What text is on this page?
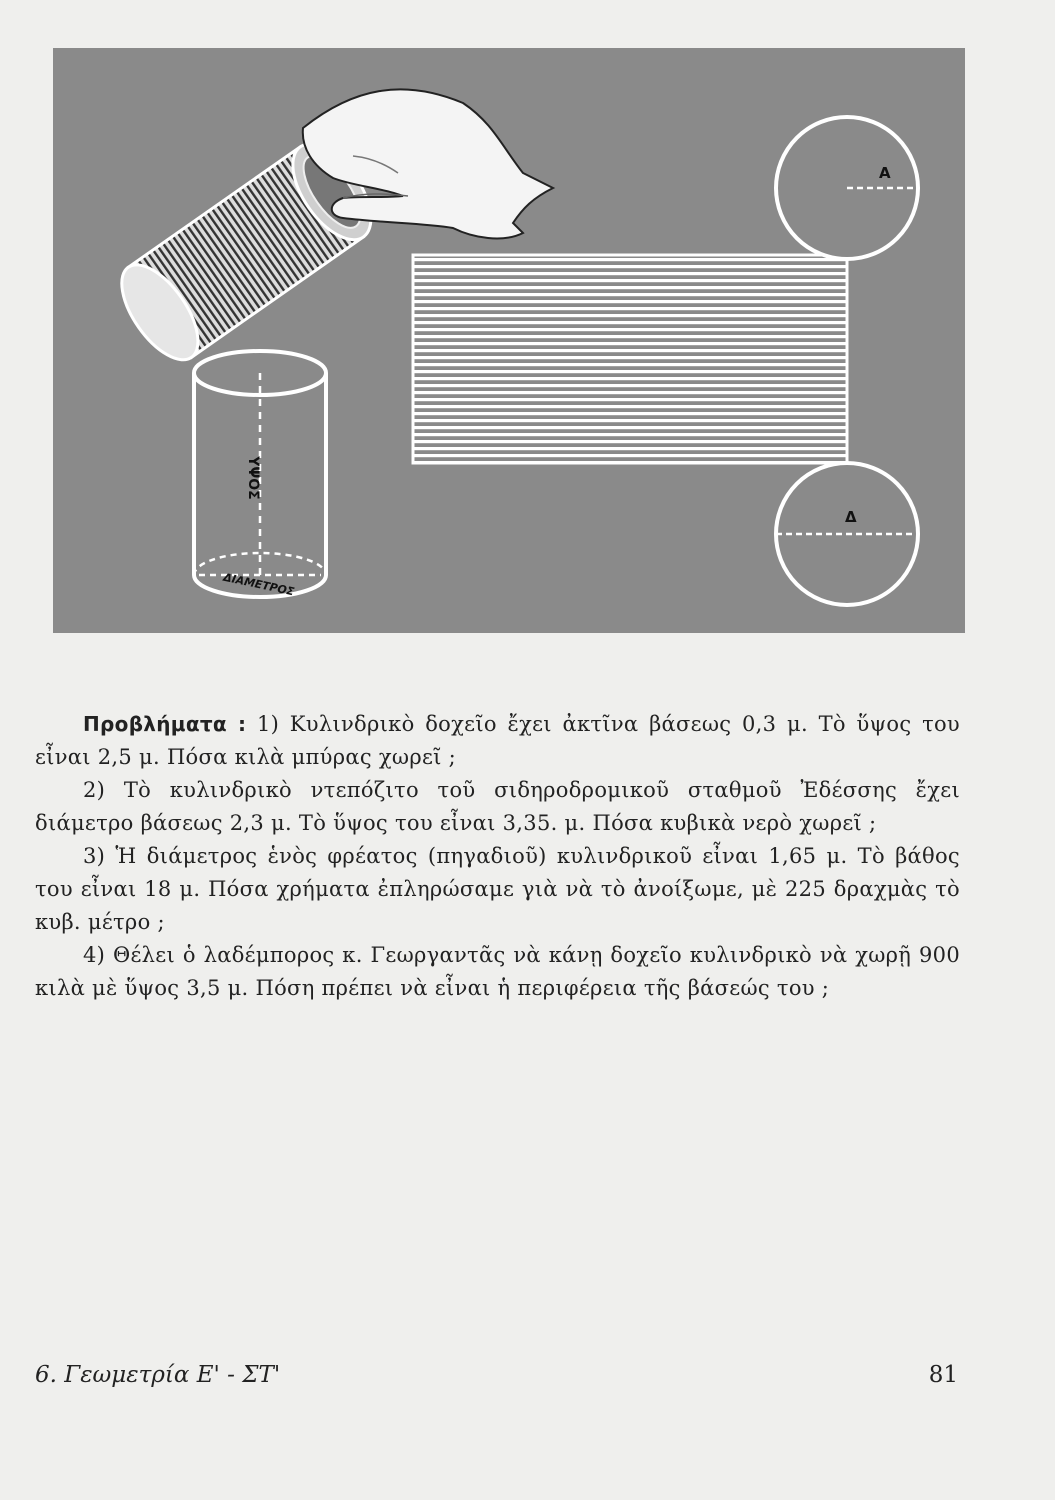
ΥΨΟΣ
ΔΙΑΜΕΤΡΟΣ
Α
Δ

Προβλήματα : 1) Κυλινδρικὸ δοχεῖο ἔχει ἀκτῖνα βάσεως 0,3 μ. Τὸ ὕψος του εἶναι 2,5 μ. Πόσα κιλὰ μπύρας χωρεῖ ;

2) Τὸ κυλινδρικὸ ντεπόζιτο τοῦ σιδηροδρομικοῦ σταθμοῦ Ἐδέσσης ἔχει διάμετρο βάσεως 2,3 μ. Τὸ ὕψος του εἶναι 3,35. μ. Πόσα κυβικὰ νερὸ χωρεῖ ;

3) Ἡ διάμετρος ἑνὸς φρέατος (πηγαδιοῦ) κυλινδρικοῦ εἶναι 1,65 μ. Τὸ βάθος του εἶναι 18 μ. Πόσα χρήματα ἐπληρώσαμε γιὰ νὰ τὸ ἀνοίξωμε, μὲ 225 δραχμὰς τὸ κυβ. μέτρο ;

4) Θέλει ὁ λαδέμπορος κ. Γεωργαντᾶς νὰ κάνῃ δοχεῖο κυλινδρικὸ νὰ χωρῇ 900 κιλὰ μὲ ὕψος 3,5 μ. Πόση πρέπει νὰ εἶναι ἡ περιφέρεια τῆς βάσεώς του ;

6. Γεωμετρία Ε' - ΣΤ'	81
